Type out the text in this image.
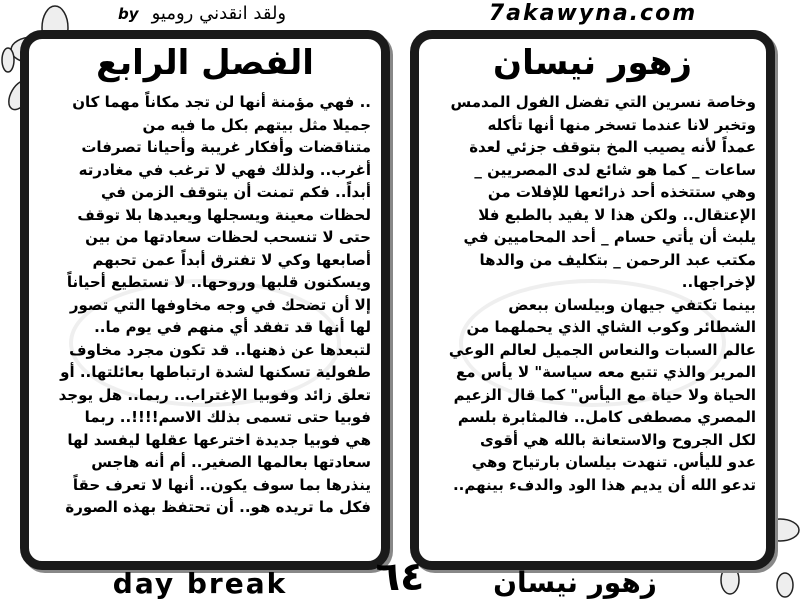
by ولقد انقدني روميو	7akawyna.com
الفصل الرابع

.. فهي مؤمنة أنها لن تجد مكاناً مهما كان

جميلا مثل بيتهم بكل ما فيه من

متناقضات وأفكار غريبة وأحيانا تصرفات

أغرب.. ولذلك فهي لا ترغب في مغادرته

أبداً.. فكم تمنت أن يتوقف الزمن في

لحظات معينة ويسجلها ويعيدها بلا توقف

حتى لا تنسحب لحظات سعادتها من بين

أصابعها وكي لا تفترق أبداً عمن تحبهم

ويسكنون قلبها وروحها.. لا تستطيع أحياناً

إلا أن تضحك في وجه مخاوفها التي تصور

لها أنها قد تفقد أي منهم في يوم ما..

لتبعدها عن ذهنها.. قد تكون مجرد مخاوف

طفولية تسكنها لشدة ارتباطها بعائلتها.. أو

تعلق زائد وفوبيا الإغتراب.. ربما.. هل يوجد

فوبيا حتى تسمى بذلك الاسم!!!!.. ربما

هي فوبيا جديدة اخترعها عقلها ليفسد لها

سعادتها بعالمها الصغير.. أم أنه هاجس

ينذرها بما سوف يكون.. أنها لا تعرف حقاً

فكل ما تريده هو.. أن تحتفظ بهذه الصورة

زهور نيسان

وخاصة نسرين التي تفضل الفول المدمس

وتخبر لانا عندما تسخر منها أنها تأكله

عمداً لأنه يصيب المخ بتوقف جزئي لعدة

ساعات _ كما هو شائع لدى المصريين _

وهي ستتخذه أحد ذرائعها للإفلات من

الإعتقال.. ولكن هذا لا يفيد بالطبع فلا

يلبث أن يأتي حسام _ أحد المحاميين في

مكتب عبد الرحمن _ بتكليف من والدها

لإخراجها..

بينما تكتفي جيهان وبيلسان ببعض

الشطائر وكوب الشاي الذي يحملهما من

عالم السبات والنعاس الجميل لعالم الوعي

المرير والذي تتبع معه سياسة" لا يأس مع

الحياة ولا حياة مع اليأس" كما قال الزعيم

المصري مصطفى كامل.. فالمثابرة بلسم

لكل الجروح والاستعانة بالله هي أقوى

عدو لليأس. تنهدت بيلسان بارتياح وهي

تدعو الله أن يديم هذا الود والدفء بينهم..

day break	٦٤	زهور نيسان
